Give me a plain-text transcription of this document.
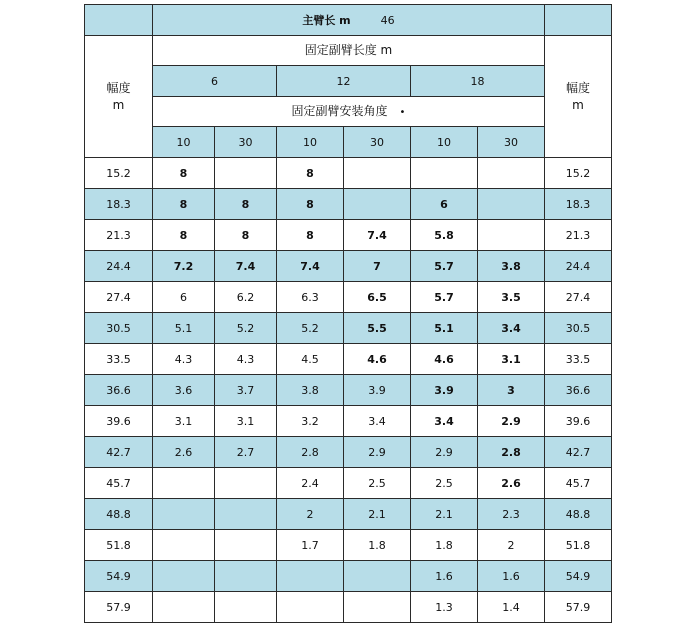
	主臂长 m 46						
幅度
m	固定副臂长度 m						幅度
m
	6		12		18		
	固定副臂安装角度 •						
	10	30	10	30	10	30	
15.2	8		8				15.2
18.3	8	8	8		6		18.3
21.3	8	8	8	7.4	5.8		21.3
24.4	7.2	7.4	7.4	7	5.7	3.8	24.4
27.4	6	6.2	6.3	6.5	5.7	3.5	27.4
30.5	5.1	5.2	5.2	5.5	5.1	3.4	30.5
33.5	4.3	4.3	4.5	4.6	4.6	3.1	33.5
36.6	3.6	3.7	3.8	3.9	3.9	3	36.6
39.6	3.1	3.1	3.2	3.4	3.4	2.9	39.6
42.7	2.6	2.7	2.8	2.9	2.9	2.8	42.7
45.7			2.4	2.5	2.5	2.6	45.7
48.8			2	2.1	2.1	2.3	48.8
51.8			1.7	1.8	1.8	2	51.8
54.9					1.6	1.6	54.9
57.9					1.3	1.4	57.9
